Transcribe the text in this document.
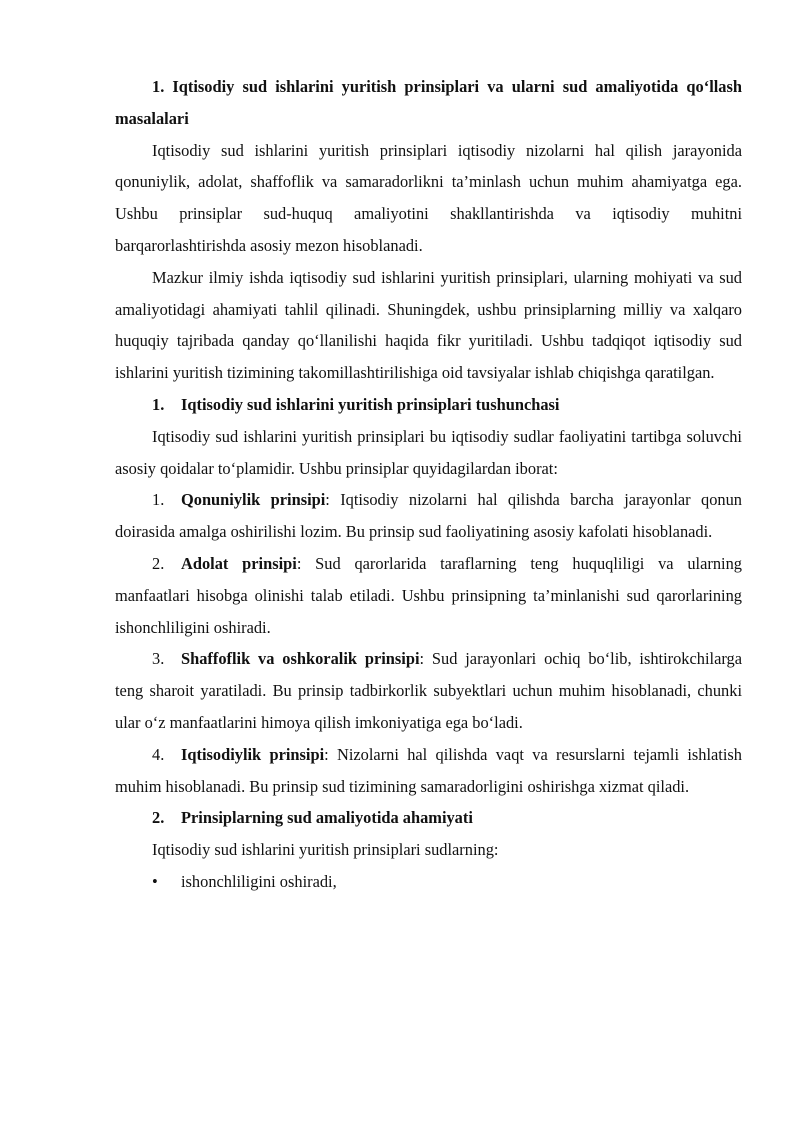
1. Iqtisodiy sud ishlarini yuritish prinsiplari va ularni sud amaliyotida qo‘llash masalalari

Iqtisodiy sud ishlarini yuritish prinsiplari iqtisodiy nizolarni hal qilish jarayonida qonuniylik, adolat, shaffoflik va samaradorlikni ta’minlash uchun muhim ahamiyatga ega. Ushbu prinsiplar sud-huquq amaliyotini shakllantirishda va iqtisodiy muhitni barqarorlashtirishda asosiy mezon hisoblanadi.

Mazkur ilmiy ishda iqtisodiy sud ishlarini yuritish prinsiplari, ularning mohiyati va sud amaliyotidagi ahamiyati tahlil qilinadi. Shuningdek, ushbu prinsiplarning milliy va xalqaro huquqiy tajribada qanday qo‘llanilishi haqida fikr yuritiladi. Ushbu tadqiqot iqtisodiy sud ishlarini yuritish tizimining takomillashtirilishiga oid tavsiyalar ishlab chiqishga qaratilgan.

1. Iqtisodiy sud ishlarini yuritish prinsiplari tushunchasi

Iqtisodiy sud ishlarini yuritish prinsiplari bu iqtisodiy sudlar faoliyatini tartibga soluvchi asosiy qoidalar to‘plamidir. Ushbu prinsiplar quyidagilardan iborat:

1. Qonuniylik prinsipi: Iqtisodiy nizolarni hal qilishda barcha jarayonlar qonun doirasida amalga oshirilishi lozim. Bu prinsip sud faoliyatining asosiy kafolati hisoblanadi.

2. Adolat prinsipi: Sud qarorlarida taraflarning teng huquqliligi va ularning manfaatlari hisobga olinishi talab etiladi. Ushbu prinsipning ta’minlanishi sud qarorlarining ishonchliligini oshiradi.

3. Shaffoflik va oshkoralik prinsipi: Sud jarayonlari ochiq bo‘lib, ishtirokchilarga teng sharoit yaratiladi. Bu prinsip tadbirkorlik subyektlari uchun muhim hisoblanadi, chunki ular o‘z manfaatlarini himoya qilish imkoniyatiga ega bo‘ladi.

4. Iqtisodiylik prinsipi: Nizolarni hal qilishda vaqt va resurslarni tejamli ishlatish muhim hisoblanadi. Bu prinsip sud tizimining samaradorligini oshirishga xizmat qiladi.

2. Prinsiplarning sud amaliyotida ahamiyati

Iqtisodiy sud ishlarini yuritish prinsiplari sudlarning:

• ishonchliligini oshiradi,
